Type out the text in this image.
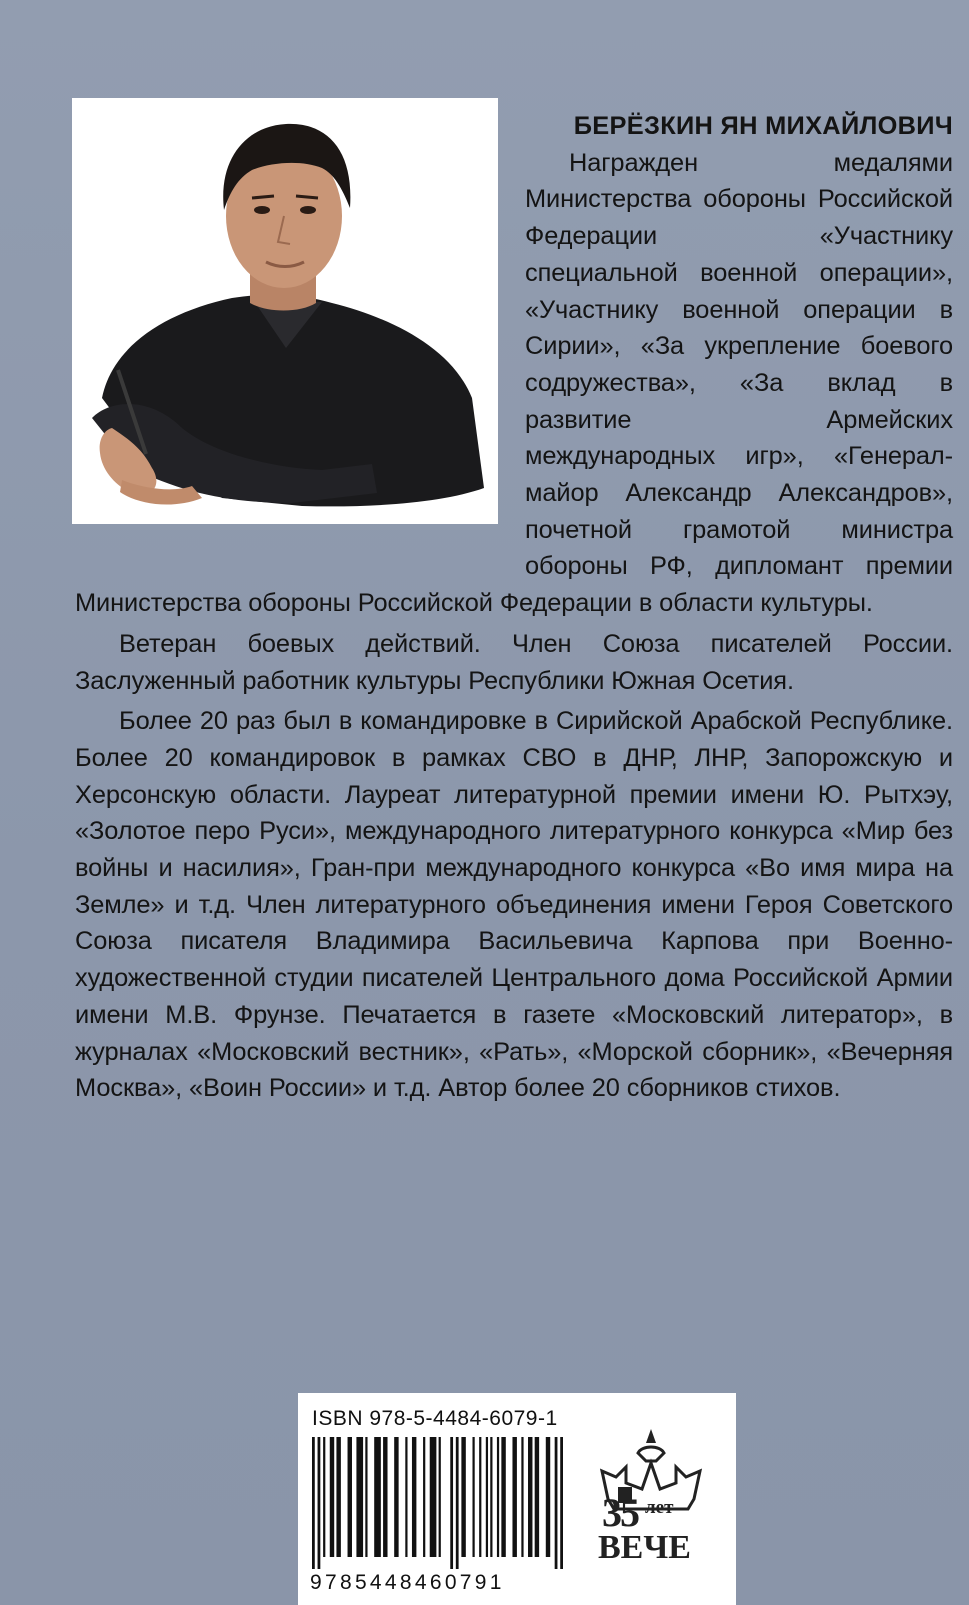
БЕРЁЗКИН ЯН МИХАЙЛОВИЧ

Награжден медалями Министерства обороны Российской Федерации «Участнику специальной военной операции», «Участнику военной операции в Сирии», «За укрепление боевого содружества», «За вклад в развитие Армейских международных игр», «Генерал-майор Александр Александров», почетной грамотой министра обороны РФ, дипломант премии Министерства обороны Российской Федерации в области культуры.

Ветеран боевых действий. Член Союза писателей России. Заслуженный работник культуры Республики Южная Осетия.

Более 20 раз был в командировке в Сирийской Арабской Республике. Более 20 командировок в рамках СВО в ДНР, ЛНР, Запорожскую и Херсонскую области. Лауреат литературной премии имени Ю. Рытхэу, «Золотое перо Руси», международного литературного конкурса «Мир без войны и насилия», Гран-при международного конкурса «Во имя мира на Земле» и т.д. Член литературного объединения имени Героя Советского Союза писателя Владимира Васильевича Карпова при Военно-художественной студии писателей Центрального дома Российской Армии имени М.В. Фрунзе. Печатается в газете «Московский литератор», в журналах «Московский вестник», «Рать», «Морской сборник», «Вечерняя Москва», «Воин России» и т.д. Автор более 20 сборников стихов.

ISBN 978-5-4484-6079-1
9785448460791
35 лет
ВЕЧЕ
